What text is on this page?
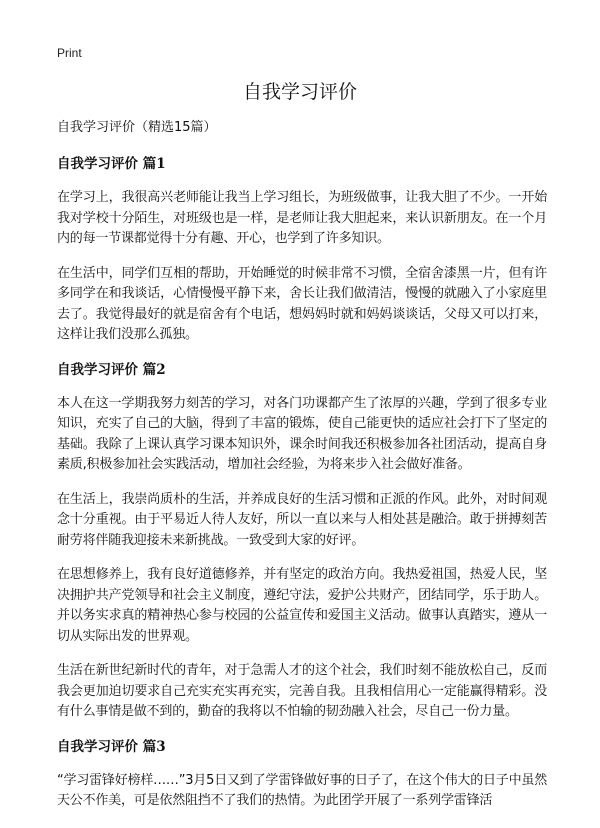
Print
自我学习评价

自我学习评价（精选15篇）

自我学习评价 篇1

在学习上，我很高兴老师能让我当上学习组长，为班级做事，让我大胆了不少。一开始我对学校十分陌生，对班级也是一样，是老师让我大胆起来，来认识新朋友。在一个月内的每一节课都觉得十分有趣、开心，也学到了许多知识。

在生活中，同学们互相的帮助，开始睡觉的时候非常不习惯，全宿舍漆黑一片，但有许多同学在和我谈话，心情慢慢平静下来，舍长让我们做清洁，慢慢的就融入了小家庭里去了。我觉得最好的就是宿舍有个电话，想妈妈时就和妈妈谈谈话，父母又可以打来，这样让我们没那么孤独。

自我学习评价 篇2

本人在这一学期我努力刻苦的学习，对各门功课都产生了浓厚的兴趣，学到了很多专业知识，充实了自己的大脑，得到了丰富的锻炼，使自己能更快的适应社会打下了坚定的基础。我除了上课认真学习课本知识外，课余时间我还积极参加各社团活动，提高自身素质,积极参加社会实践活动，增加社会经验，为将来步入社会做好准备。

在生活上，我崇尚质朴的生活，并养成良好的生活习惯和正派的作风。此外，对时间观念十分重视。由于平易近人待人友好，所以一直以来与人相处甚是融洽。敢于拼搏刻苦耐劳将伴随我迎接未来新挑战。一致受到大家的好评。

在思想修养上，我有良好道德修养，并有坚定的政治方向。我热爱祖国，热爱人民，坚决拥护共产党领导和社会主义制度，遵纪守法，爱护公共财产，团结同学，乐于助人。并以务实求真的精神热心参与校园的公益宣传和爱国主义活动。做事认真踏实，遵从一切从实际出发的世界观。

生活在新世纪新时代的青年，对于急需人才的这个社会，我们时刻不能放松自己，反而我会更加迫切要求自己充实充实再充实，完善自我。且我相信用心一定能赢得精彩。没有什么事情是做不到的，勤奋的我将以不怕输的韧劲融入社会，尽自己一份力量。

自我学习评价 篇3

“学习雷锋好榜样……”3月5日又到了学雷锋做好事的日子了，在这个伟大的日子中虽然天公不作美，可是依然阻挡不了我们的热情。为此团学开展了一系列学雷锋活
